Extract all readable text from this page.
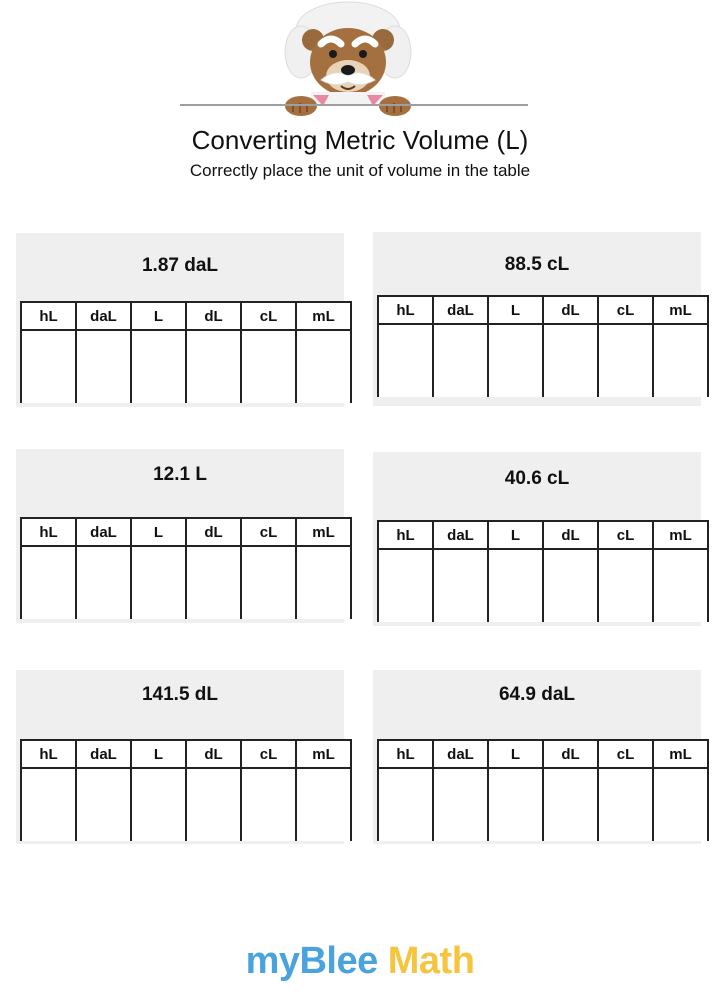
Converting Metric Volume (L)
Correctly place the unit of volume in the table
1.87 daL
hL	daL	L	dL	cL	mL

88.5 cL
hL	daL	L	dL	cL	mL

12.1 L
hL	daL	L	dL	cL	mL

40.6 cL
hL	daL	L	dL	cL	mL

141.5 dL
hL	daL	L	dL	cL	mL

64.9 daL
hL	daL	L	dL	cL	mL

myBlee Math
